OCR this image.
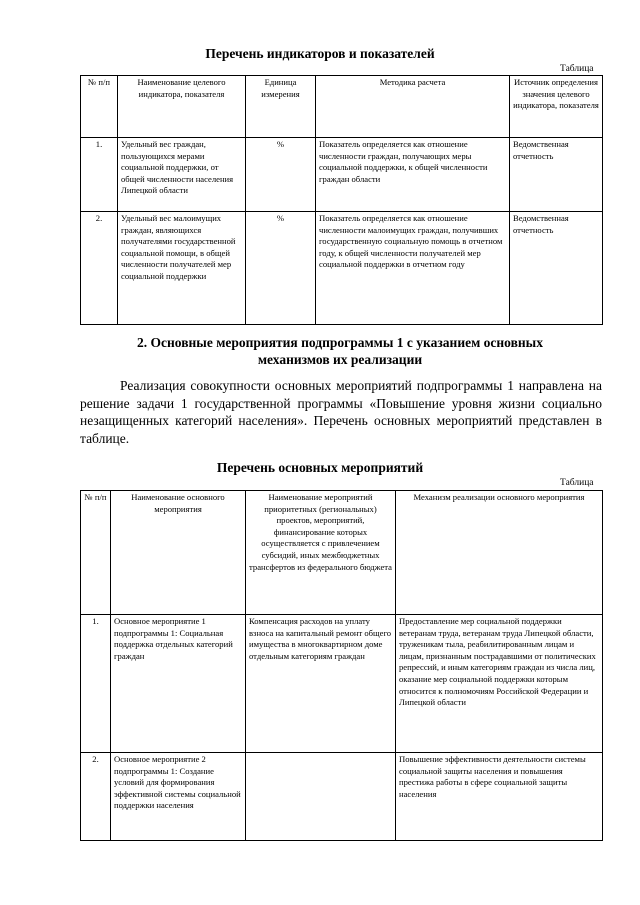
Перечень индикаторов и показателей
Таблица
№ п/п	Наименование целевого индикатора, показателя	Единица измерения	Методика расчета	Источник определения значения целевого индикатора, показателя
1.	Удельный вес граждан, пользующихся мерами социальной поддержки, от общей численности населения Липецкой области	%	Показатель определяется как отношение численности граждан, получающих меры социальной поддержки, к общей численности граждан области	Ведомственная отчетность
2.	Удельный вес малоимущих граждан, являющихся получателями государственной социальной помощи, в общей численности получателей мер социальной поддержки	%	Показатель определяется как отношение численности малоимущих граждан, получивших государственную социальную помощь в отчетном году, к общей численности получателей мер социальной поддержки в отчетном году	Ведомственная отчетность
2. Основные мероприятия подпрограммы 1 с указанием основных механизмов их реализации

Реализация совокупности основных мероприятий подпрограммы 1 направлена на решение задачи 1 государственной программы «Повышение уровня жизни социально незащищенных категорий населения». Перечень основных мероприятий представлен в таблице.

Перечень основных мероприятий
Таблица
№ п/п	Наименование основного мероприятия	Наименование мероприятий приоритетных (региональных) проектов, мероприятий, финансирование которых осуществляется с привлечением субсидий, иных межбюджетных трансфертов из федерального бюджета	Механизм реализации основного мероприятия
1.	Основное мероприятие 1 подпрограммы 1: Социальная поддержка отдельных категорий граждан	Компенсация расходов на уплату взноса на капитальный ремонт общего имущества в многоквартирном доме отдельным категориям граждан	Предоставление мер социальной поддержки ветеранам труда, ветеранам труда Липецкой области, труженикам тыла, реабилитированным лицам и лицам, признанным пострадавшими от политических репрессий, и иным категориям граждан из числа лиц, оказание мер социальной поддержки которым относится к полномочиям Российской Федерации и Липецкой области
2.	Основное мероприятие 2 подпрограммы 1: Создание условий для формирования эффективной системы социальной поддержки населения		Повышение эффективности деятельности системы социальной защиты населения и повышения престижа работы в сфере социальной защиты населения
